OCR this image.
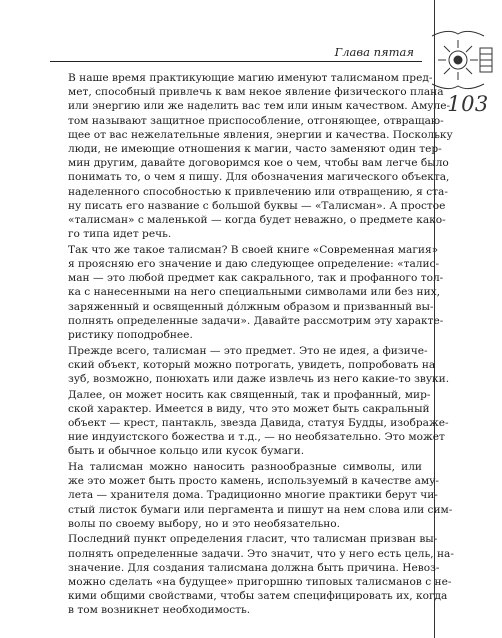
Глава пятая
103

В наше время практикующие магию именуют талисманом пред-
мет, способный привлечь к вам некое явление физического плана
или энергию или же наделить вас тем или иным качеством. Амуле-
том называют защитное приспособление, отгоняющее, отвращаю-
щее от вас нежелательные явления, энергии и качества. Поскольку
люди, не имеющие отношения к магии, часто заменяют один тер-
мин другим, давайте договоримся кое о чем, чтобы вам легче было
понимать то, о чем я пишу. Для обозначения магического объекта,
наделенного способностью к привлечению или отвращению, я ста-
ну писать его название с большой буквы — «Талисман». А простое
«талисман» с маленькой — когда будет неважно, о предмете како-
го типа идет речь.

Так что же такое талисман? В своей книге «Современная магия»
я проясняю его значение и даю следующее определение: «талис-
ман — это любой предмет как сакрального, так и профанного тол-
ка с нанесенными на него специальными символами или без них,
заряженный и освященный дóлжным образом и призванный вы-
полнять определенные задачи». Давайте рассмотрим эту характе-
ристику поподробнее.

Прежде всего, талисман — это предмет. Это не идея, а физиче-
ский объект, который можно потрогать, увидеть, попробовать на
зуб, возможно, понюхать или даже извлечь из него какие-то звуки.

Далее, он может носить как священный, так и профанный, мир-
ской характер. Имеется в виду, что это может быть сакральный
объект — крест, пантакль, звезда Давида, статуя Будды, изображе-
ние индуистского божества и т.д., — но необязательно. Это может
быть и обычное кольцо или кусок бумаги.

На талисман можно наносить разнообразные символы, или
же это может быть просто камень, используемый в качестве аму-
лета — хранителя дома. Традиционно многие практики берут чи-
стый листок бумаги или пергамента и пишут на нем слова или сим-
волы по своему выбору, но и это необязательно.

Последний пункт определения гласит, что талисман призван вы-
полнять определенные задачи. Это значит, что у него есть цель, на-
значение. Для создания талисмана должна быть причина. Невоз-
можно сделать «на будущее» пригоршню типовых талисманов с не-
кими общими свойствами, чтобы затем специфицировать их, когда
в том возникнет необходимость.
